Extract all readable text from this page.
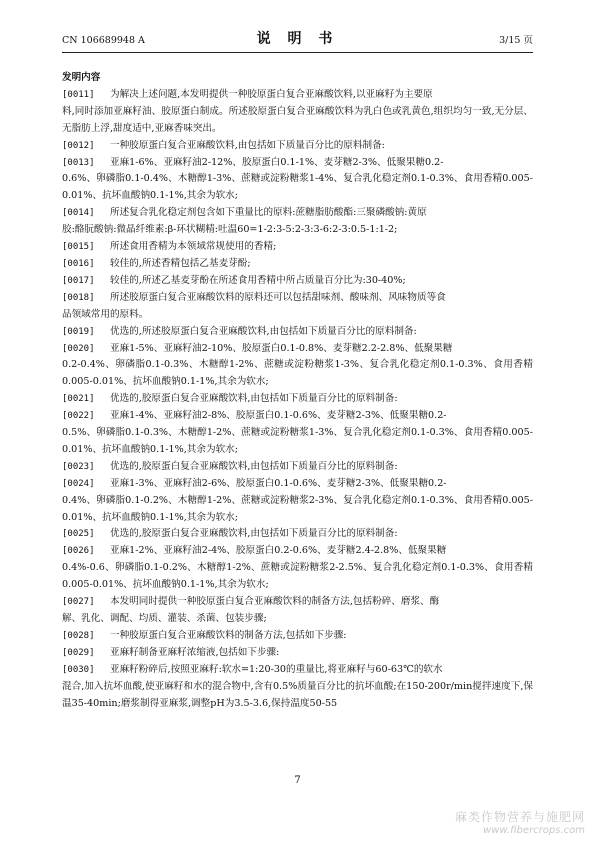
CN 106689948 A	说 明 书	3/15 页

发明内容

[0011] 为解决上述问题,本发明提供一种胶原蛋白复合亚麻酸饮料,以亚麻籽为主要原
料,同时添加亚麻籽油、胶原蛋白制成。所述胶原蛋白复合亚麻酸饮料为乳白色或乳黄色,组织均匀一致,无分层、无脂肪上浮,甜度适中,亚麻香味突出。
[0012] 一种胶原蛋白复合亚麻酸饮料,由包括如下质量百分比的原料制备:
[0013] 亚麻1-6%、亚麻籽油2-12%、胶原蛋白0.1-1%、麦芽糖2-3%、低聚果糖0.2-
0.6%、卵磷脂0.1-0.4%、木糖醇1-3%、蔗糖或淀粉糖浆1-4%、复合乳化稳定剂0.1-0.3%、食用香精0.005-0.01%、抗坏血酸钠0.1-1%,其余为软水;
[0014] 所述复合乳化稳定剂包含如下重量比的原料:蔗糖脂肪酸酯:三聚磷酸钠:黄原
胶:酪朊酸钠:微晶纤维素:β-环状糊精:吐温60=1-2:3-5:2-3:3-6:2-3:0.5-1:1-2;
[0015] 所述食用香精为本领域常规使用的香精;
[0016] 较佳的,所述香精包括乙基麦芽酚;
[0017] 较佳的,所述乙基麦芽酚在所述食用香精中所占质量百分比为:30-40%;
[0018] 所述胶原蛋白复合亚麻酸饮料的原料还可以包括甜味剂、酸味剂、风味物质等食
品领域常用的原料。
[0019] 优选的,所述胶原蛋白复合亚麻酸饮料,由包括如下质量百分比的原料制备:
[0020] 亚麻1-5%、亚麻籽油2-10%、胶原蛋白0.1-0.8%、麦芽糖2.2-2.8%、低聚果糖
0.2-0.4%、卵磷脂0.1-0.3%、木糖醇1-2%、蔗糖或淀粉糖浆1-3%、复合乳化稳定剂0.1-0.3%、食用香精0.005-0.01%、抗坏血酸钠0.1-1%,其余为软水;
[0021] 优选的,胶原蛋白复合亚麻酸饮料,由包括如下质量百分比的原料制备:
[0022] 亚麻1-4%、亚麻籽油2-8%、胶原蛋白0.1-0.6%、麦芽糖2-3%、低聚果糖0.2-
0.5%、卵磷脂0.1-0.3%、木糖醇1-2%、蔗糖或淀粉糖浆1-3%、复合乳化稳定剂0.1-0.3%、食用香精0.005-0.01%、抗坏血酸钠0.1-1%,其余为软水;
[0023] 优选的,胶原蛋白复合亚麻酸饮料,由包括如下质量百分比的原料制备:
[0024] 亚麻1-3%、亚麻籽油2-6%、胶原蛋白0.1-0.6%、麦芽糖2-3%、低聚果糖0.2-
0.4%、卵磷脂0.1-0.2%、木糖醇1-2%、蔗糖或淀粉糖浆2-3%、复合乳化稳定剂0.1-0.3%、食用香精0.005-0.01%、抗坏血酸钠0.1-1%,其余为软水;
[0025] 优选的,胶原蛋白复合亚麻酸饮料,由包括如下质量百分比的原料制备:
[0026] 亚麻1-2%、亚麻籽油2-4%、胶原蛋白0.2-0.6%、麦芽糖2.4-2.8%、低聚果糖
0.4%-0.6、卵磷脂0.1-0.2%、木糖醇1-2%、蔗糖或淀粉糖浆2-2.5%、复合乳化稳定剂0.1-0.3%、食用香精0.005-0.01%、抗坏血酸钠0.1-1%,其余为软水;
[0027] 本发明同时提供一种胶原蛋白复合亚麻酸饮料的制备方法,包括粉碎、磨浆、酶
解、乳化、调配、均质、灌装、杀菌、包装步骤;
[0028] 一种胶原蛋白复合亚麻酸饮料的制备方法,包括如下步骤:
[0029] 亚麻籽制备亚麻籽浓缩液,包括如下步骤:
[0030] 亚麻籽粉碎后,按照亚麻籽:软水=1:20-30的重量比,将亚麻籽与60-63℃的软水
混合,加入抗坏血酸,使亚麻籽和水的混合物中,含有0.5%质量百分比的抗坏血酸;在150-200r/min搅拌速度下,保温35-40min;磨浆制得亚麻浆,调整pH为3.5-3.6,保持温度50-55
7
麻类作物营养与施肥网
www.fibercrops.com
